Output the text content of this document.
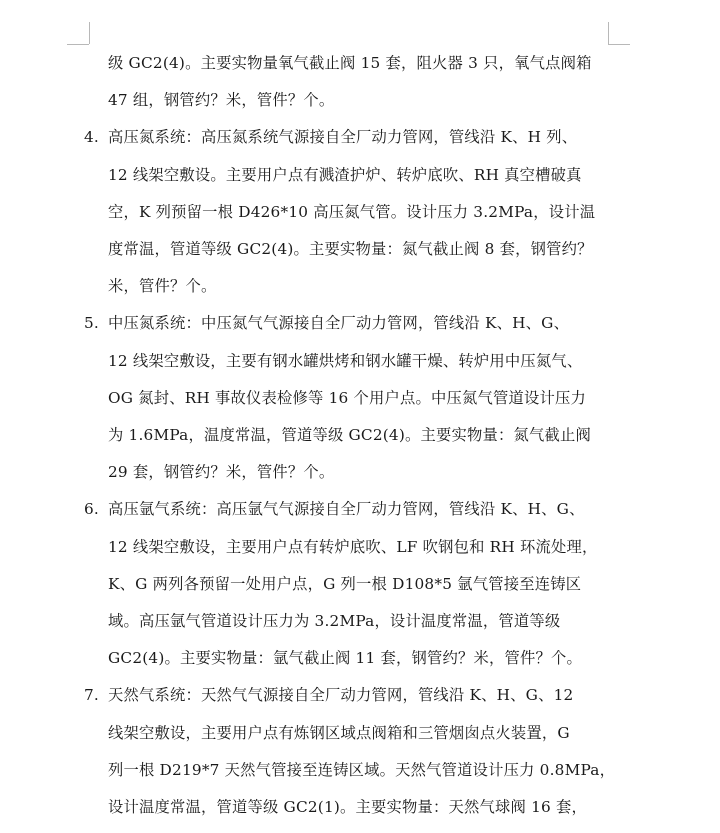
级 GC2(4)。主要实物量氧气截止阀 15 套，阻火器 3 只，氧气点阀箱
47 组，钢管约？米，管件？个。
4. 高压氮系统：高压氮系统气源接自全厂动力管网，管线沿 K、H 列、
12 线架空敷设。主要用户点有溅渣护炉、转炉底吹、RH 真空槽破真
空，K 列预留一根 D426*10 高压氮气管。设计压力 3.2MPa，设计温
度常温，管道等级 GC2(4)。主要实物量：氮气截止阀 8 套，钢管约？
米，管件？个。
5. 中压氮系统：中压氮气气源接自全厂动力管网，管线沿 K、H、G、
12 线架空敷设，主要有钢水罐烘烤和钢水罐干燥、转炉用中压氮气、
OG 氮封、RH 事故仪表检修等 16 个用户点。中压氮气管道设计压力
为 1.6MPa，温度常温，管道等级 GC2(4)。主要实物量：氮气截止阀
29 套，钢管约？米，管件？个。
6. 高压氩气系统：高压氩气气源接自全厂动力管网，管线沿 K、H、G、
12 线架空敷设，主要用户点有转炉底吹、LF 吹钢包和 RH 环流处理，
K、G 两列各预留一处用户点，G 列一根 D108*5 氩气管接至连铸区
域。高压氩气管道设计压力为 3.2MPa，设计温度常温，管道等级
GC2(4)。主要实物量：氩气截止阀 11 套，钢管约？米，管件？个。
7. 天然气系统：天然气气源接自全厂动力管网，管线沿 K、H、G、12
线架空敷设，主要用户点有炼钢区域点阀箱和三管烟囱点火装置，G
列一根 D219*7 天然气管接至连铸区域。天然气管道设计压力 0.8MPa，
设计温度常温，管道等级 GC2(1)。主要实物量：天然气球阀 16 套，
